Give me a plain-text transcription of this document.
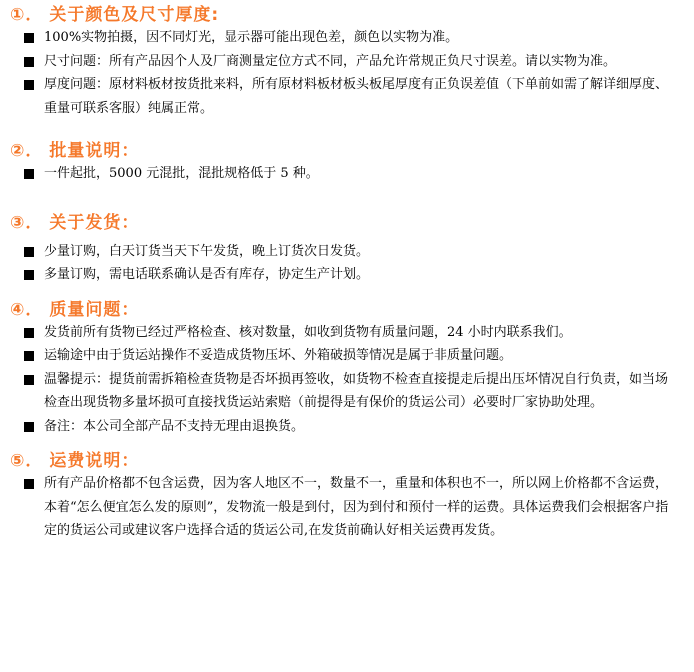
①． 关于颜色及尺寸厚度:
100%实物拍摄，因不同灯光，显示器可能出现色差，颜色以实物为准。
尺寸问题：所有产品因个人及厂商测量定位方式不同，产品允许常规正负尺寸误差。请以实物为准。
厚度问题：原材料板材按货批来料，所有原材料板材板头板尾厚度有正负误差值（下单前如需了解详细厚度、重量可联系客服）纯属正常。
②． 批量说明：
一件起批，5000 元混批，混批规格低于 5 种。
③． 关于发货：
少量订购，白天订货当天下午发货，晚上订货次日发货。
多量订购，需电话联系确认是否有库存，协定生产计划。
④． 质量问题：
发货前所有货物已经过严格检查、核对数量，如收到货物有质量问题，24 小时内联系我们。
运输途中由于货运站操作不妥造成货物压坏、外箱破损等情况是属于非质量问题。
温馨提示：提货前需拆箱检查货物是否坏损再签收，如货物不检查直接提走后提出压坏情况自行负责，如当场检查出现货物多量坏损可直接找货运站索赔（前提得是有保价的货运公司）必要时厂家协助处理。
备注：本公司全部产品不支持无理由退换货。
⑤． 运费说明：
所有产品价格都不包含运费，因为客人地区不一，数量不一，重量和体积也不一，所以网上价格都不含运费，本着“怎么便宜怎么发的原则”，发物流一般是到付，因为到付和预付一样的运费。具体运费我们会根据客户指定的货运公司或建议客户选择合适的货运公司,在发货前确认好相关运费再发货。
